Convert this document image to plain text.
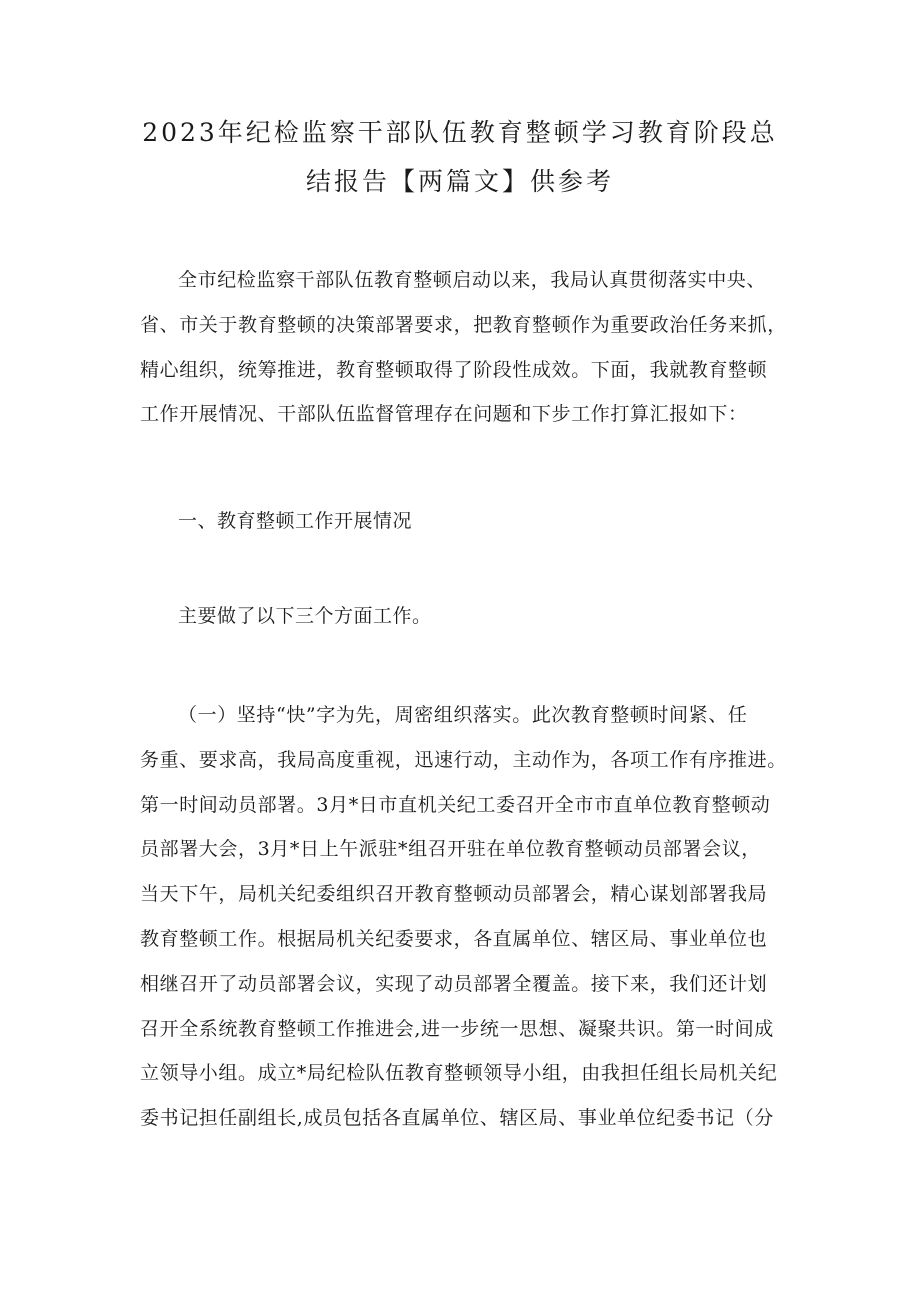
2023年纪检监察干部队伍教育整顿学习教育阶段总
结报告【两篇文】供参考

全市纪检监察干部队伍教育整顿启动以来，我局认真贯彻落实中央、

省、市关于教育整顿的决策部署要求，把教育整顿作为重要政治任务来抓，

精心组织，统筹推进，教育整顿取得了阶段性成效。下面，我就教育整顿

工作开展情况、干部队伍监督管理存在问题和下步工作打算汇报如下：

一、教育整顿工作开展情况
主要做了以下三个方面工作。

（一）坚持“快”字为先，周密组织落实。此次教育整顿时间紧、任

务重、要求高，我局高度重视，迅速行动，主动作为，各项工作有序推进。

第一时间动员部署。3月*日市直机关纪工委召开全市市直单位教育整顿动

员部署大会，3月*日上午派驻*组召开驻在单位教育整顿动员部署会议，

当天下午，局机关纪委组织召开教育整顿动员部署会，精心谋划部署我局

教育整顿工作。根据局机关纪委要求，各直属单位、辖区局、事业单位也

相继召开了动员部署会议，实现了动员部署全覆盖。接下来，我们还计划

召开全系统教育整顿工作推进会,进一步统一思想、凝聚共识。第一时间成

立领导小组。成立*局纪检队伍教育整顿领导小组，由我担任组长局机关纪

委书记担任副组长,成员包括各直属单位、辖区局、事业单位纪委书记（分
